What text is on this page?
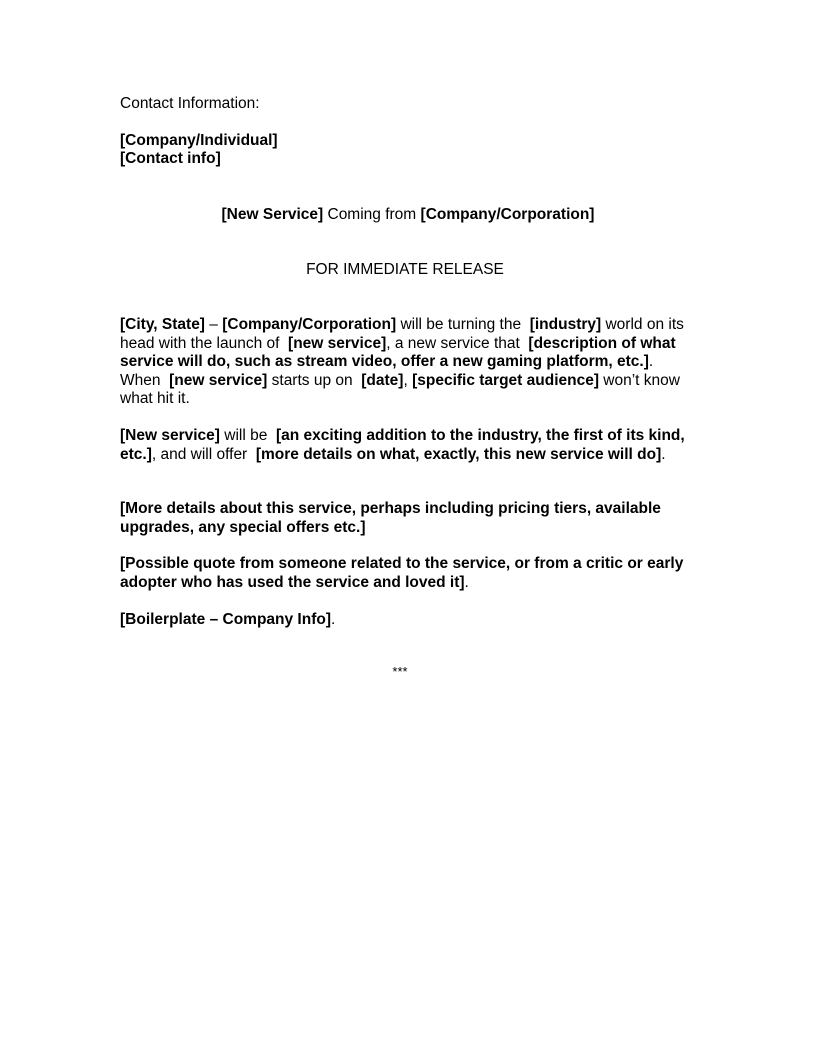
Contact Information:

[Company/Individual]

[Contact info]

[New Service] Coming from [Company/Corporation]
FOR IMMEDIATE RELEASE

[City, State] – [Company/Corporation] will be turning the  [industry] world on its head with the launch of  [new service], a new service that  [description of what service will do, such as stream video, offer a new gaming platform, etc.]. When  [new service] starts up on  [date], [specific target audience] won’t know what hit it.

[New service] will be  [an exciting addition to the industry, the first of its kind, etc.], and will offer  [more details on what, exactly, this new service will do].

[More details about this service, perhaps including pricing tiers, available upgrades, any special offers etc.]

[Possible quote from someone related to the service, or from a critic or early adopter who has used the service and loved it].

[Boilerplate – Company Info].

***
